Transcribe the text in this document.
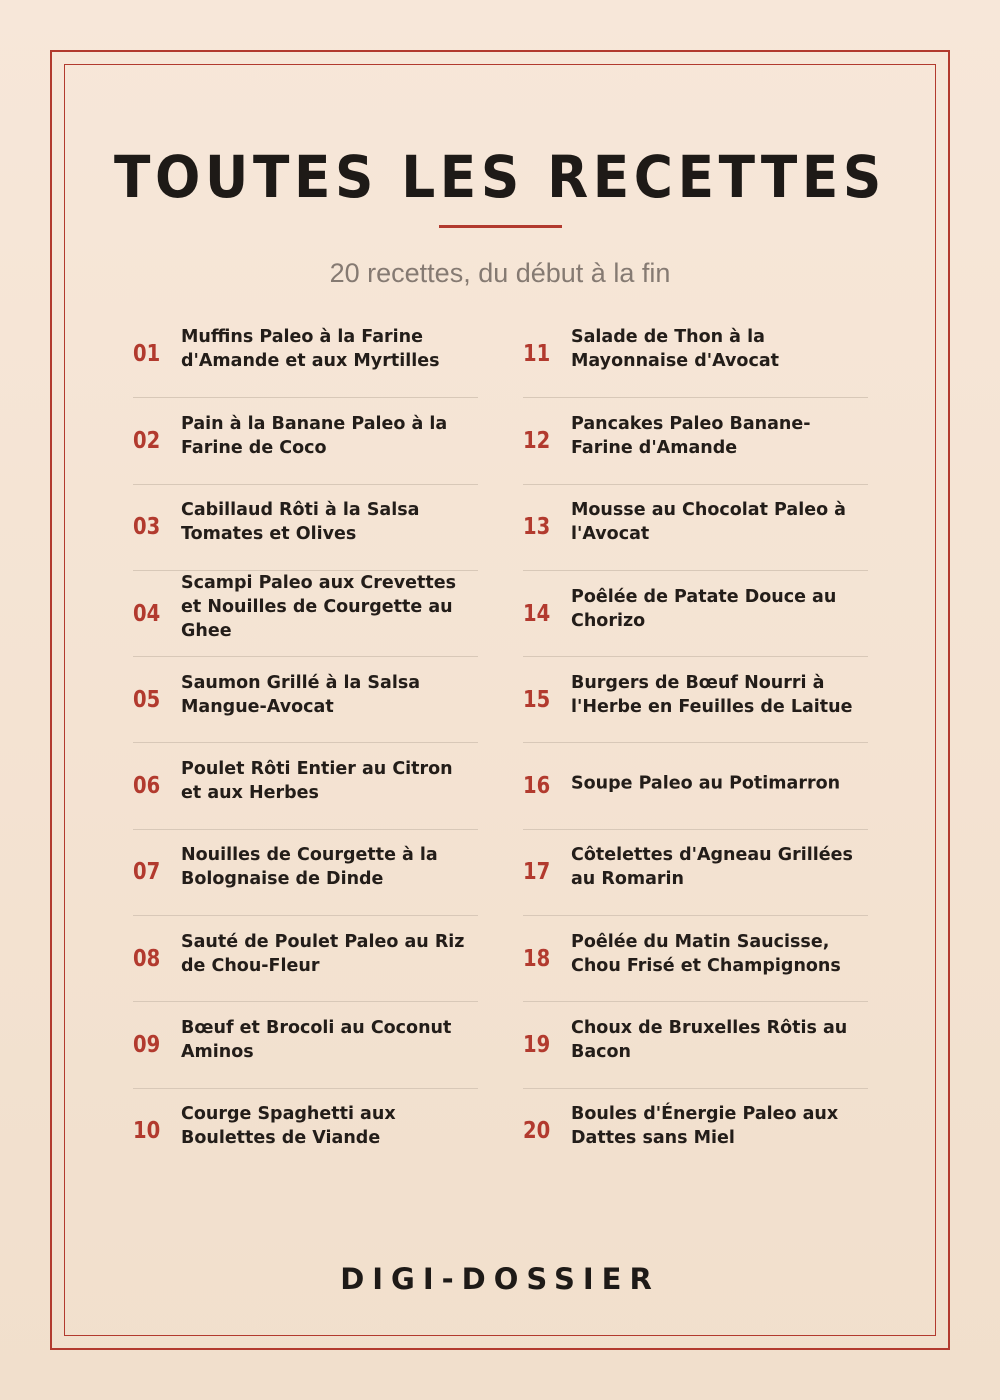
TOUTES LES RECETTES
20 recettes, du début à la fin
01
Muffins Paleo à la Farine d'Amande et aux Myrtilles
02
Pain à la Banane Paleo à la Farine de Coco
03
Cabillaud Rôti à la Salsa Tomates et Olives
04
Scampi Paleo aux Crevettes et Nouilles de Courgette au Ghee
05
Saumon Grillé à la Salsa Mangue-Avocat
06
Poulet Rôti Entier au Citron et aux Herbes
07
Nouilles de Courgette à la Bolognaise de Dinde
08
Sauté de Poulet Paleo au Riz de Chou-Fleur
09
Bœuf et Brocoli au Coconut Aminos
10
Courge Spaghetti aux Boulettes de Viande
11
Salade de Thon à la Mayonnaise d'Avocat
12
Pancakes Paleo Banane-Farine d'Amande
13
Mousse au Chocolat Paleo à l'Avocat
14
Poêlée de Patate Douce au Chorizo
15
Burgers de Bœuf Nourri à l'Herbe en Feuilles de Laitue
16 Soupe Paleo au Potimarron
17
Côtelettes d'Agneau Grillées au Romarin
18
Poêlée du Matin Saucisse, Chou Frisé et Champignons
19
Choux de Bruxelles Rôtis au Bacon
20
Boules d'Énergie Paleo aux Dattes sans Miel
DIGI-DOSSIER
